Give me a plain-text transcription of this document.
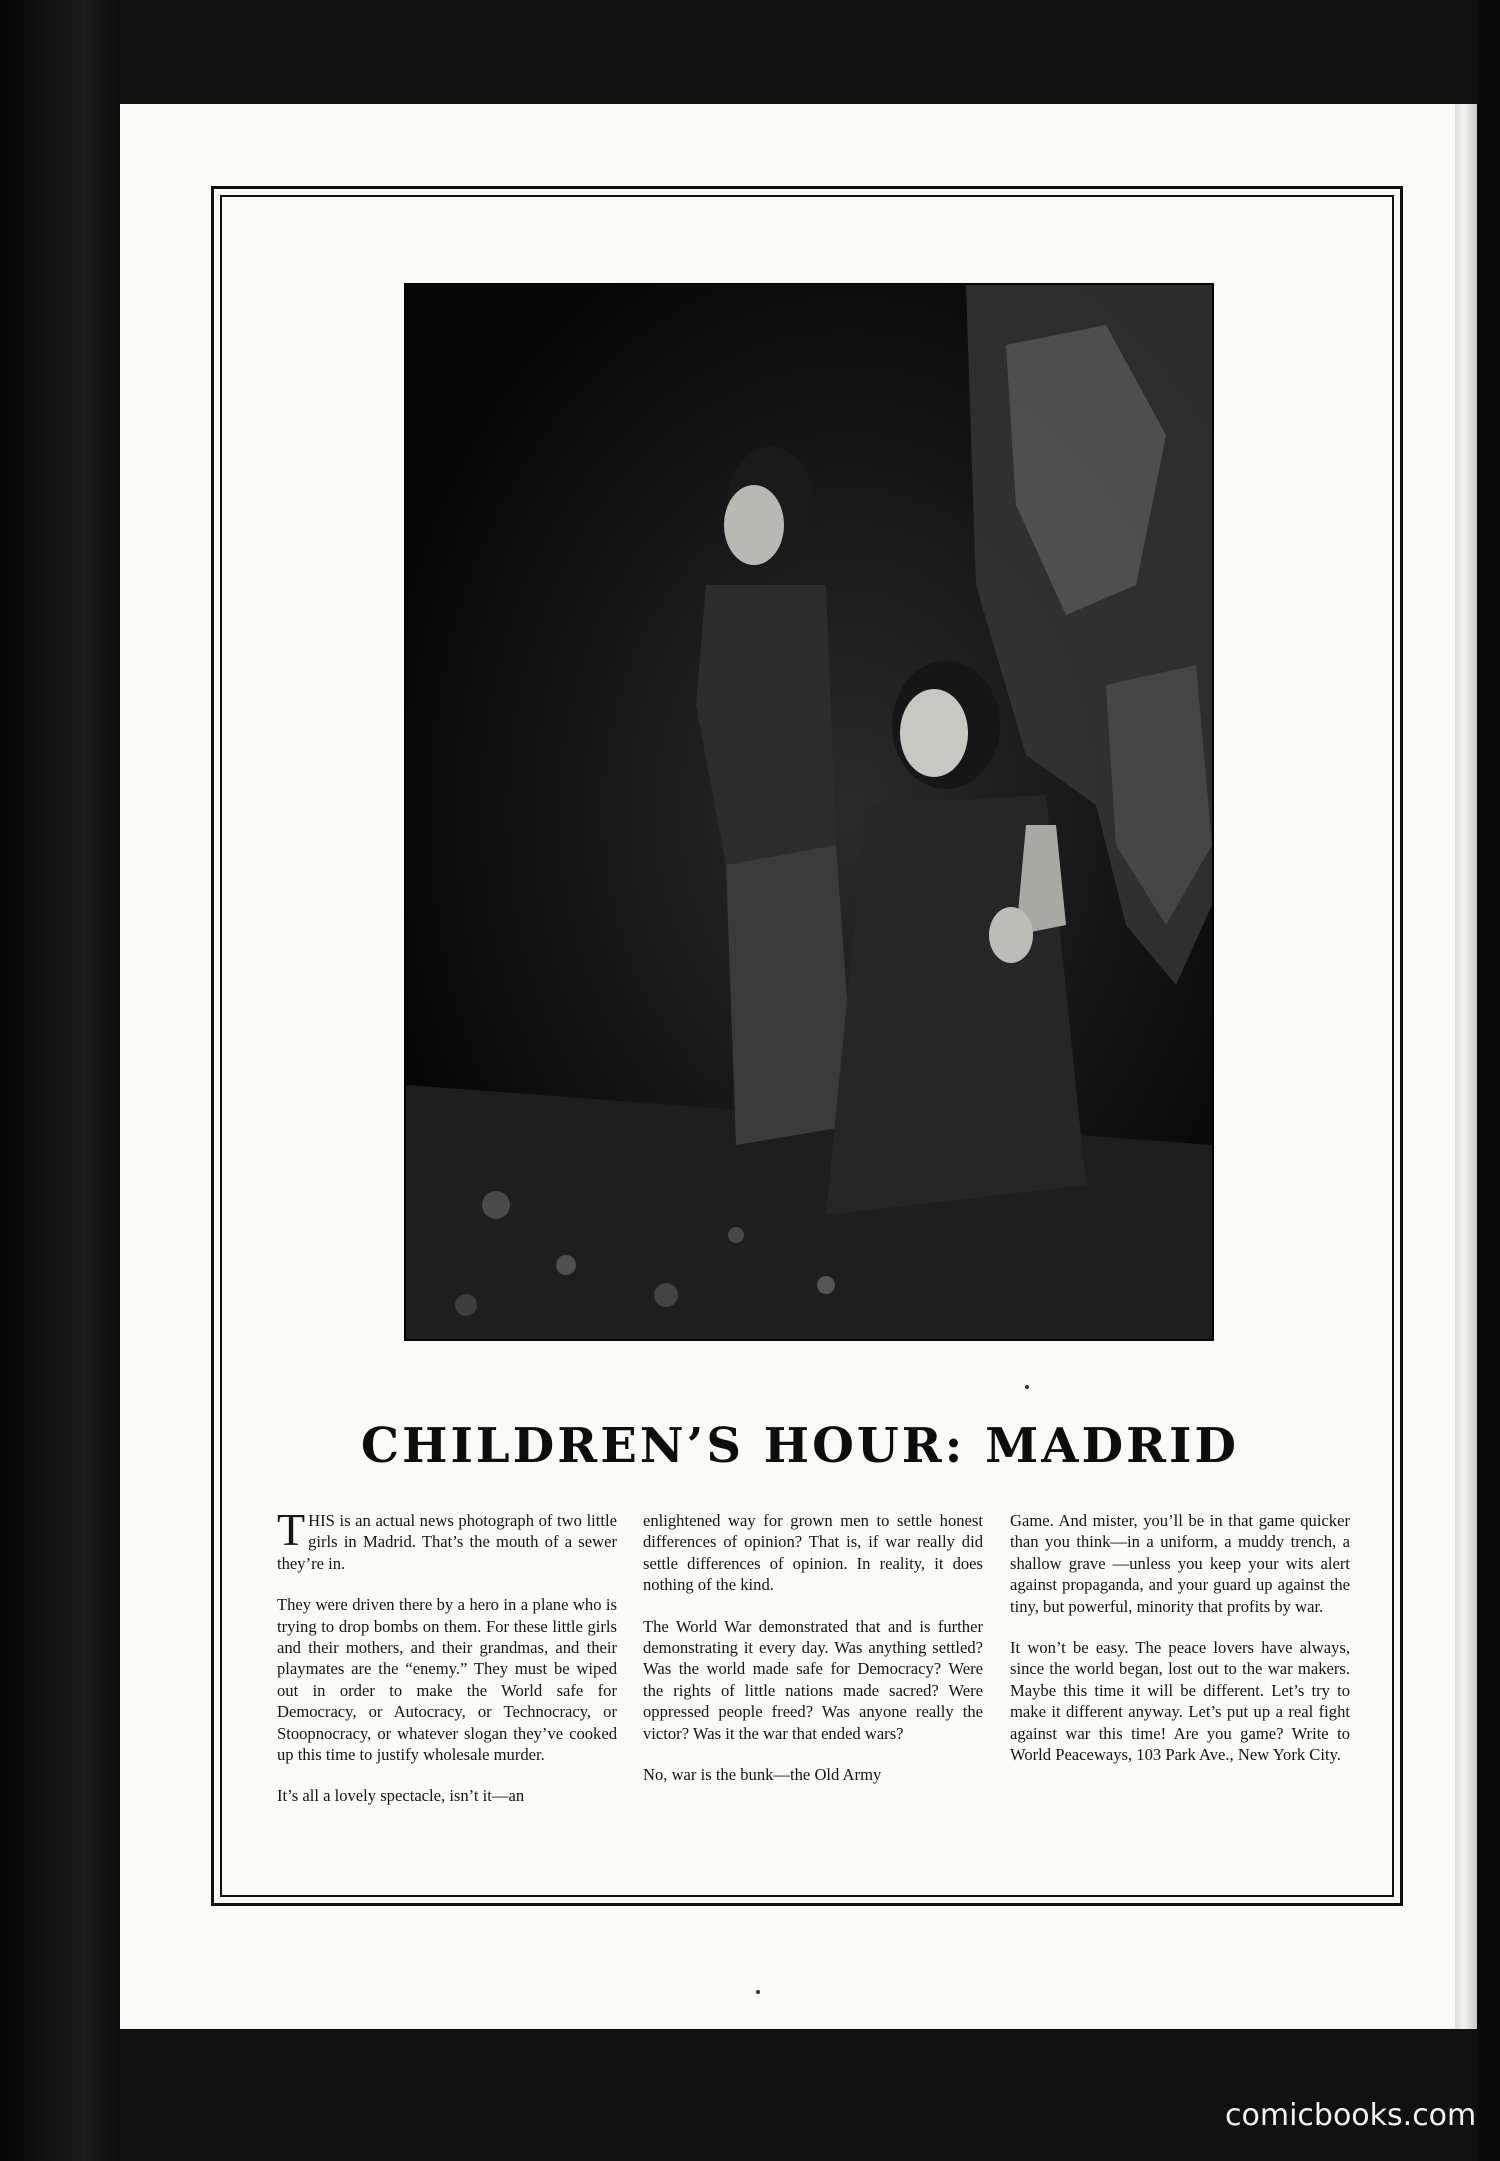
CHILDREN’S HOUR: MADRID

THIS is an actual news photograph of two little girls in Madrid. That’s the mouth of a sewer they’re in.

They were driven there by a hero in a plane who is trying to drop bombs on them. For these little girls and their mothers, and their grandmas, and their playmates are the “enemy.” They must be wiped out in order to make the World safe for Democracy, or Autocracy, or Technocracy, or Stoopnocracy, or whatever slogan they’ve cooked up this time to justify wholesale murder.

It’s all a lovely spectacle, isn’t it—an

enlightened way for grown men to settle honest differences of opinion? That is, if war really did settle differences of opinion. In reality, it does nothing of the kind.

The World War demonstrated that and is further demonstrating it every day. Was anything settled? Was the world made safe for Democracy? Were the rights of little nations made sacred? Were oppressed people freed? Was anyone really the victor? Was it the war that ended wars?

No, war is the bunk—the Old Army

Game. And mister, you’ll be in that game quicker than you think—in a uniform, a muddy trench, a shallow grave —unless you keep your wits alert against propaganda, and your guard up against the tiny, but powerful, minority that profits by war.

It won’t be easy. The peace lovers have always, since the world began, lost out to the war makers. Maybe this time it will be different. Let’s try to make it different anyway. Let’s put up a real fight against war this time! Are you game? Write to World Peaceways, 103 Park Ave., New York City.

comicbooks.com
